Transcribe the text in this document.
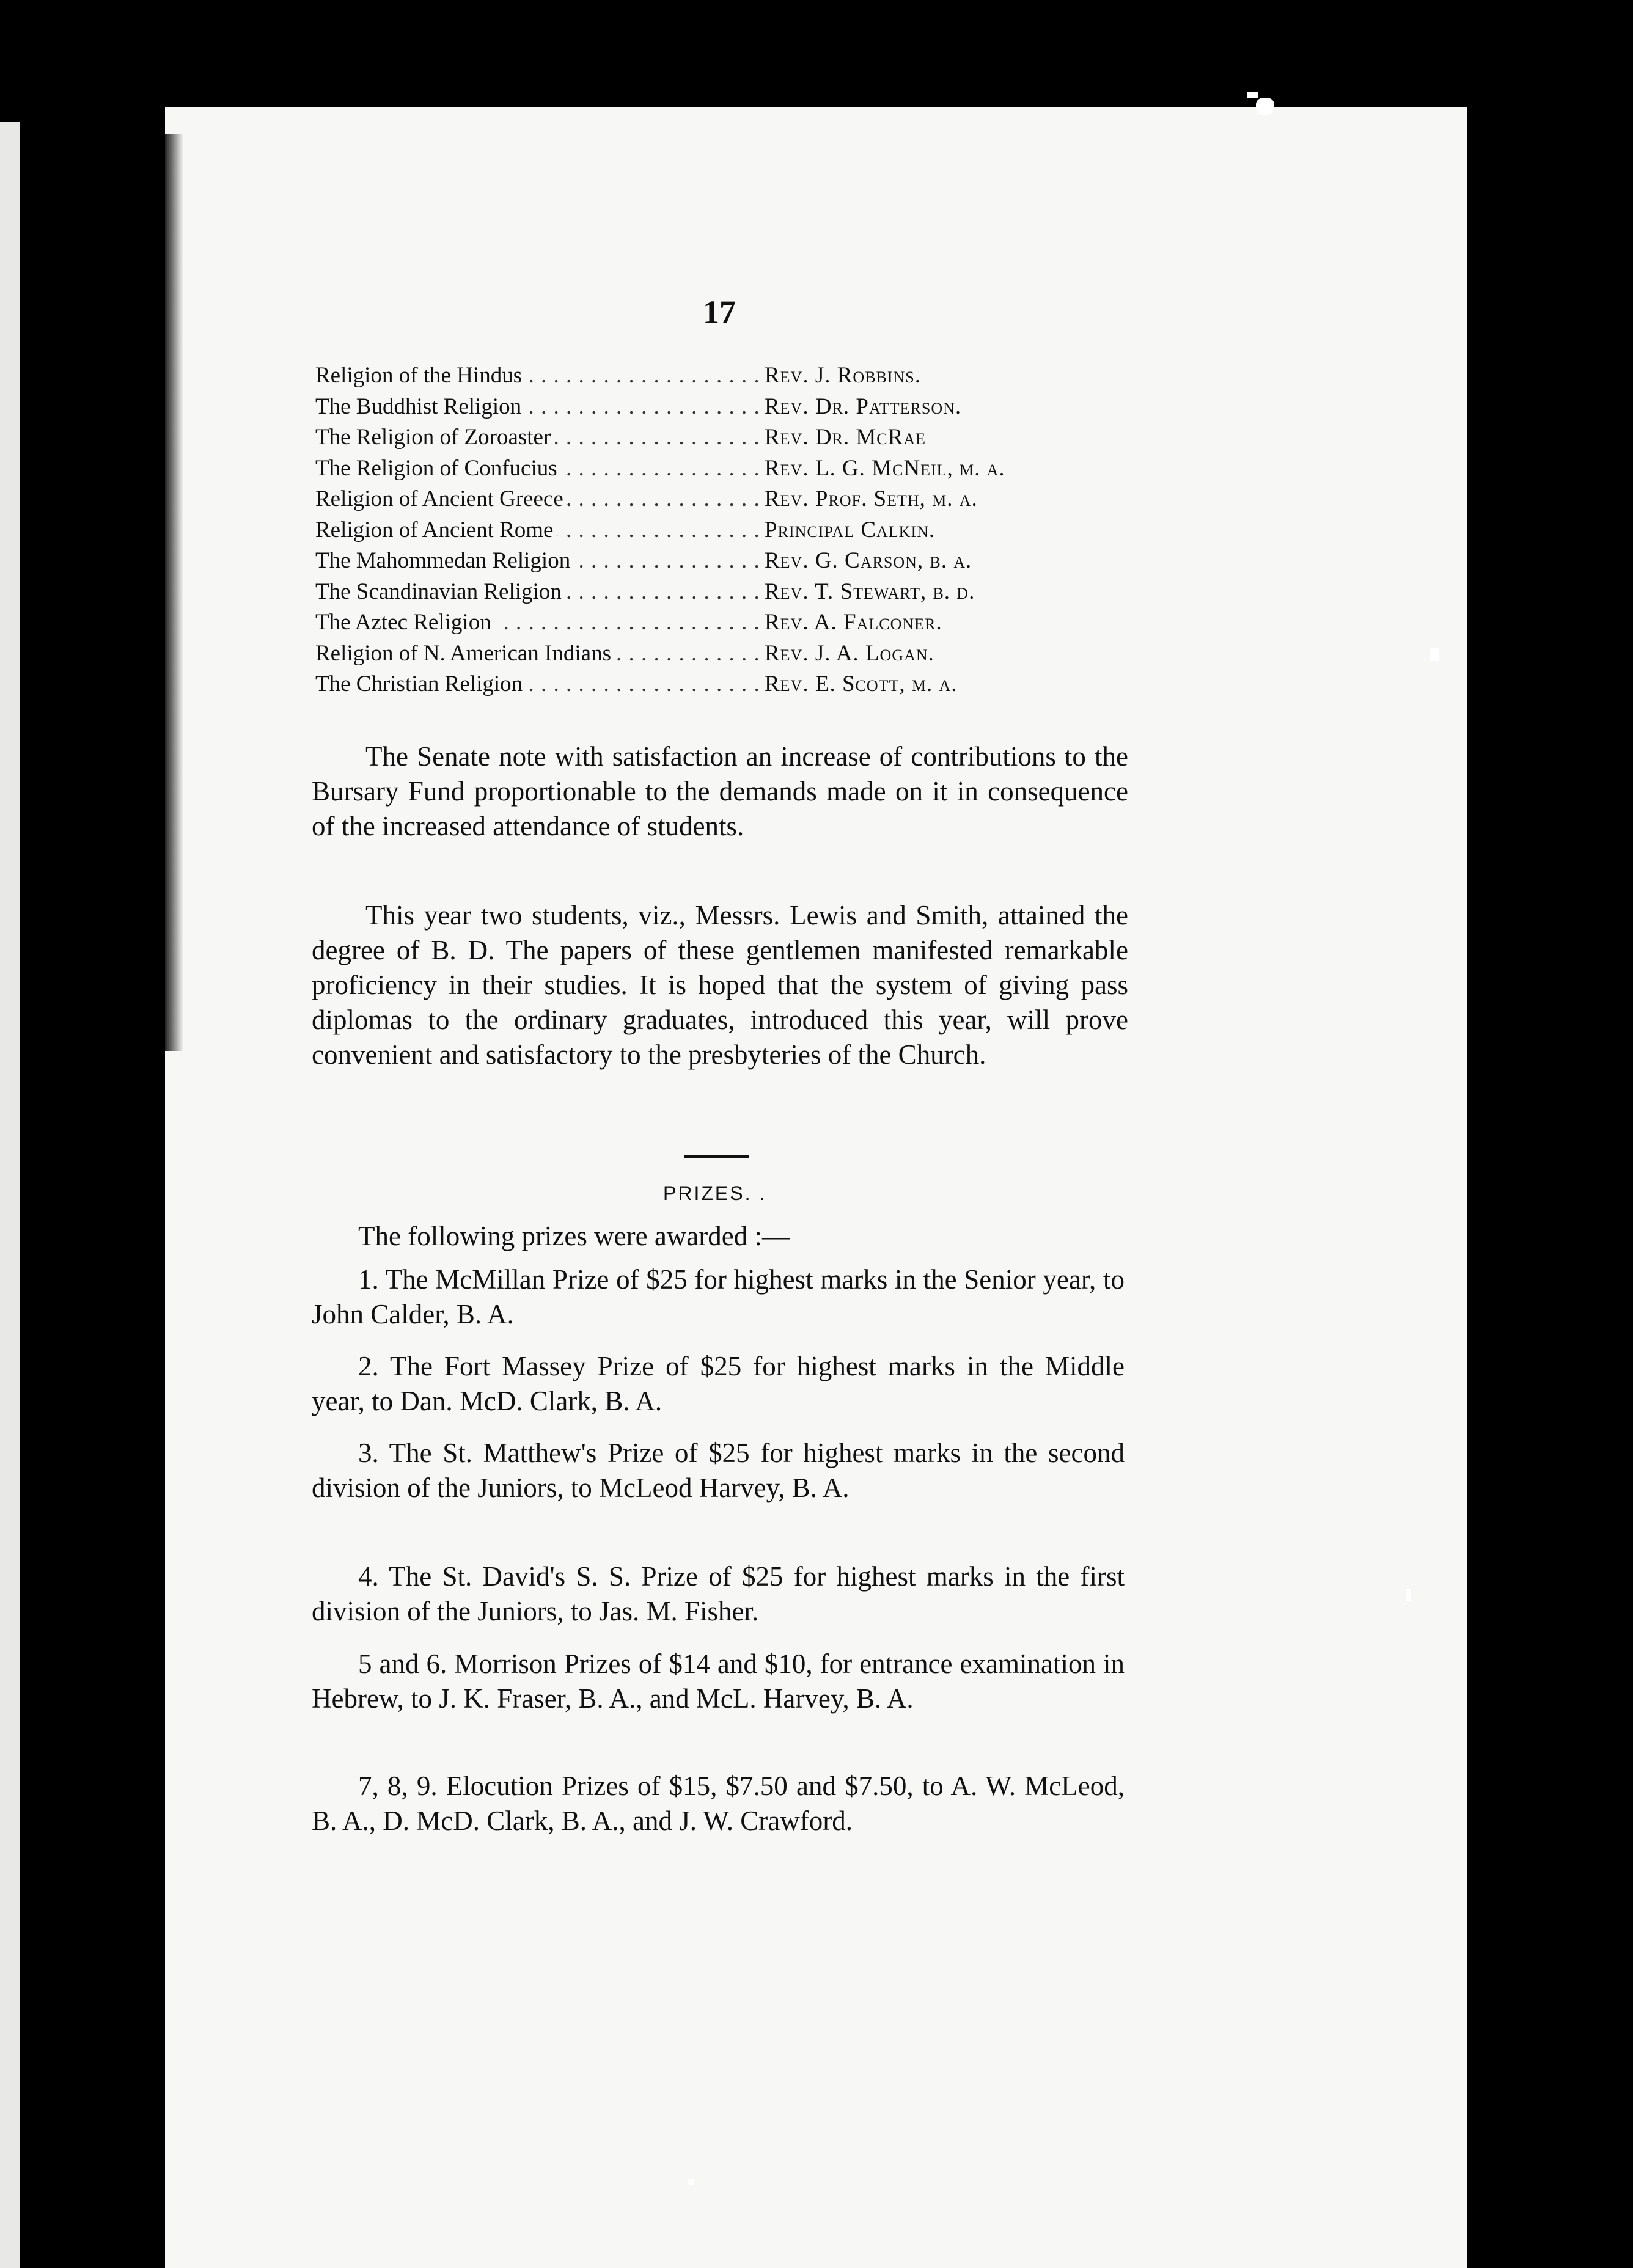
17
Religion of the Hindus . . .	Rev. J. Robbins.
The Buddhist Religion . . .	Rev. Dr. Patterson.
The Religion of Zoroaster . . .	Rev. Dr. McRae
The Religion of Confucius . . .	Rev. L. G. McNeil, m. a.
Religion of Ancient Greece . . .	Rev. Prof. Seth, m. a.
Religion of Ancient Rome . . .	Principal Calkin.
The Mahommedan Religion . . .	Rev. G. Carson, b. a.
The Scandinavian Religion . . .	Rev. T. Stewart, b. d.
The Aztec Religion . . .	Rev. A. Falconer.
Religion of N. American Indians . . .	Rev. J. A. Logan.
The Christian Religion . . .	Rev. E. Scott, m. a.

The Senate note with satisfaction an increase of contributions to the Bursary Fund proportionable to the demands made on it in consequence of the increased attendance of students.

This year two students, viz., Messrs. Lewis and Smith, attained the degree of B. D. The papers of these gentlemen manifested remarkable proficiency in their studies. It is hoped that the system of giving pass diplomas to the ordinary graduates, introduced this year, will prove convenient and satisfactory to the presbyteries of the Church.

PRIZES. .

The following prizes were awarded :—

1. The McMillan Prize of $25 for highest marks in the Senior year, to John Calder, B. A.

2. The Fort Massey Prize of $25 for highest marks in the Middle year, to Dan. McD. Clark, B. A.

3. The St. Matthew's Prize of $25 for highest marks in the second division of the Juniors, to McLeod Harvey, B. A.

4. The St. David's S. S. Prize of $25 for highest marks in the first division of the Juniors, to Jas. M. Fisher.

5 and 6. Morrison Prizes of $14 and $10, for entrance examination in Hebrew, to J. K. Fraser, B. A., and McL. Harvey, B. A.

7, 8, 9. Elocution Prizes of $15, $7.50 and $7.50, to A. W. McLeod, B. A., D. McD. Clark, B. A., and J. W. Crawford.
